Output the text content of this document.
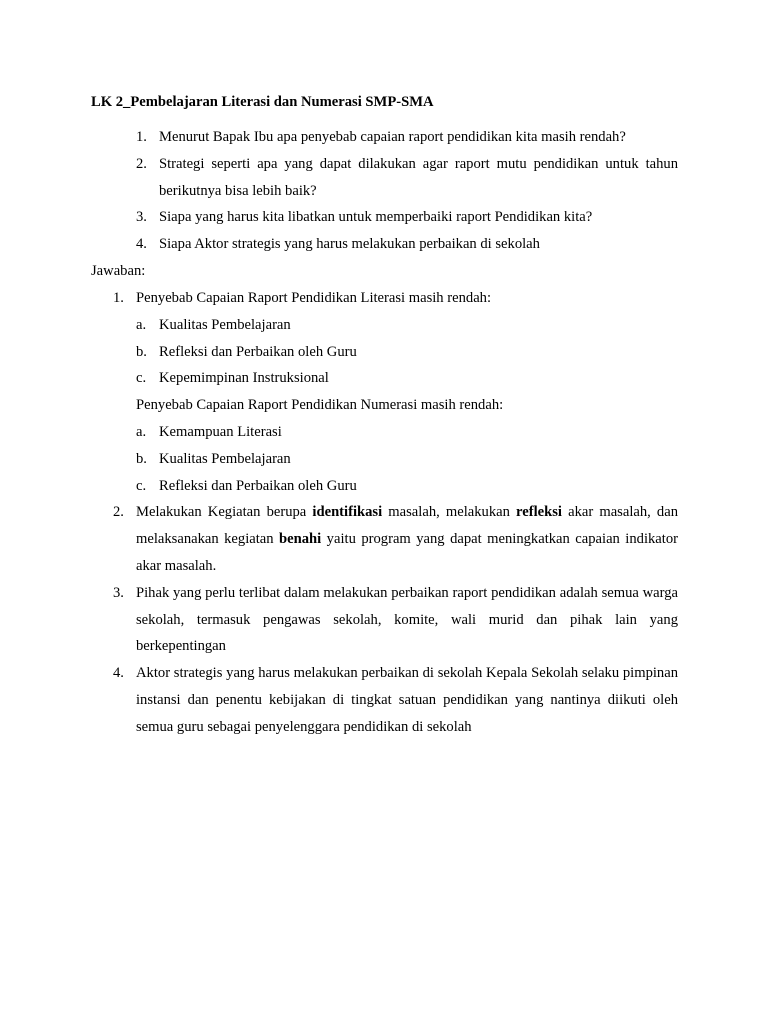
LK 2_Pembelajaran Literasi dan Numerasi SMP-SMA
1. Menurut Bapak Ibu apa penyebab capaian raport pendidikan kita masih rendah?
2. Strategi seperti apa yang dapat dilakukan agar raport mutu pendidikan untuk tahun berikutnya bisa lebih baik?
3. Siapa yang harus kita libatkan untuk memperbaiki raport Pendidikan kita?
4. Siapa Aktor strategis yang harus melakukan perbaikan di sekolah
Jawaban:
1. Penyebab Capaian Raport Pendidikan Literasi masih rendah:
a. Kualitas Pembelajaran
b. Refleksi dan Perbaikan oleh Guru
c. Kepemimpinan Instruksional
Penyebab Capaian Raport Pendidikan Numerasi masih rendah:
a. Kemampuan Literasi
b. Kualitas Pembelajaran
c. Refleksi dan Perbaikan oleh Guru
2. Melakukan Kegiatan berupa identifikasi masalah, melakukan refleksi akar masalah, dan melaksanakan kegiatan benahi yaitu program yang dapat meningkatkan capaian indikator akar masalah.
3. Pihak yang perlu terlibat dalam melakukan perbaikan raport pendidikan adalah semua warga sekolah, termasuk pengawas sekolah, komite, wali murid dan pihak lain yang berkepentingan
4. Aktor strategis yang harus melakukan perbaikan di sekolah Kepala Sekolah selaku pimpinan instansi dan penentu kebijakan di tingkat satuan pendidikan yang nantinya diikuti oleh semua guru sebagai penyelenggara pendidikan di sekolah
